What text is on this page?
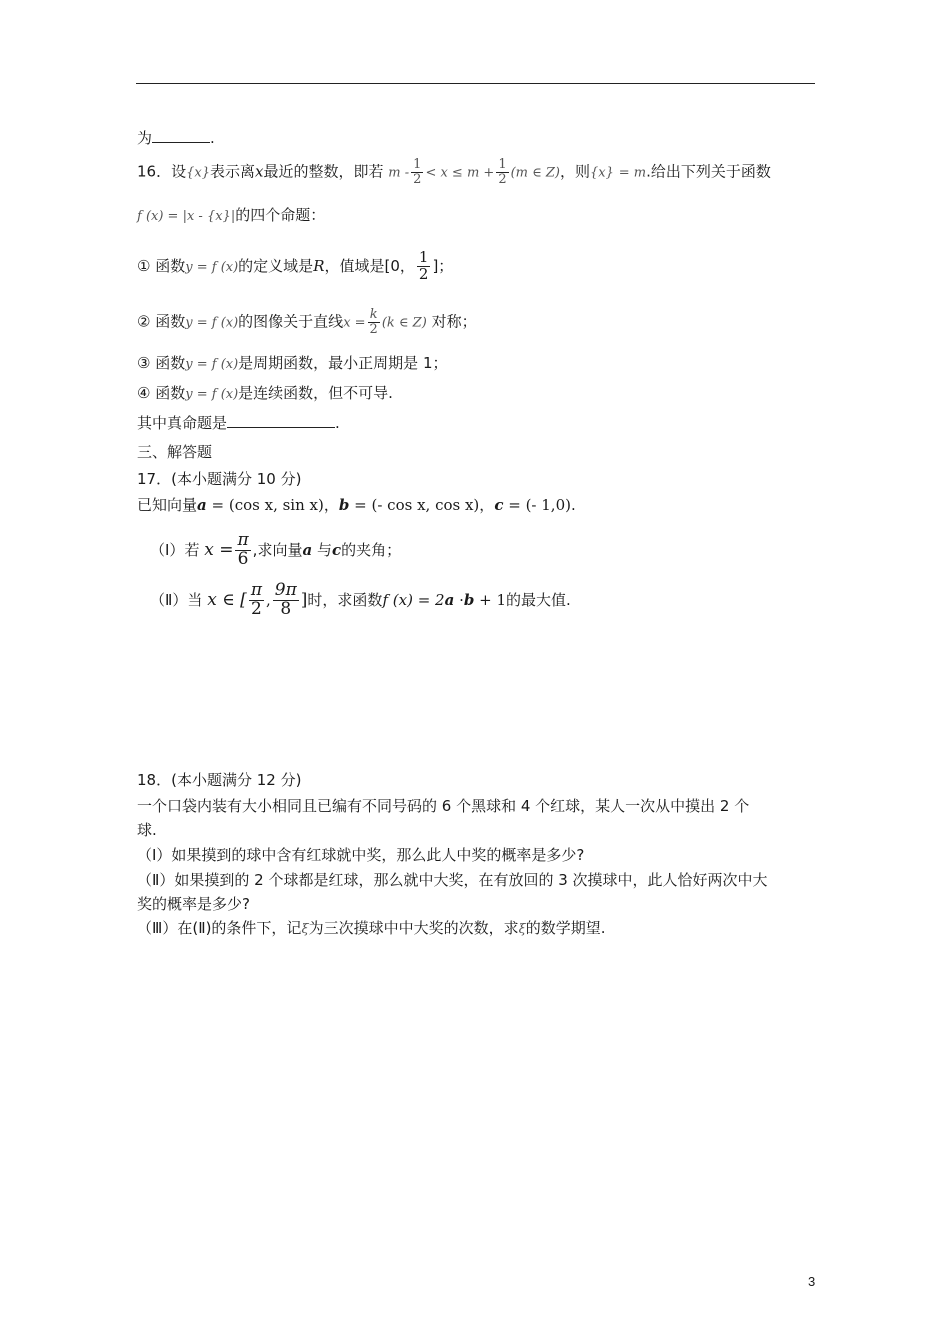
为	.
16．设{x}表示离x最近的整数，即若 $m - \frac{1}{2} < x \le m + \frac{1}{2} (m$ ∈ Z)，则{x} = m.给出下列关于函数
f (x) = |x - {x}|的四个命题：
① 函数y = f (x)的定义域是R，值域是[0， $\frac{1}{2}$ ]；
② 函数y = f (x)的图像关于直线$x = \frac{k}{2} (k$ ∈ Z) 对称；
③ 函数y = f (x)是周期函数，最小正周期是 1；
④ 函数y = f (x)是连续函数，但不可导.
其中真命题是	.
三、解答题
17．(本小题满分 10 分)
已知向量a = (cos x, sin x)，b = (- cos x, cos x)，c = (- 1,0).
（Ⅰ）若 $x = \frac{\pi}{6}$ ,求向量a 与c的夹角；
（Ⅱ）当 x ∈ [ $\frac{\pi}{2}$ , $\frac{9\pi}{8}$ ]时，求函数f (x) = 2a ·b + 1的最大值.
18．(本小题满分 12 分)
一个口袋内装有大小相同且已编有不同号码的 6 个黑球和 4 个红球，某人一次从中摸出 2 个
球.
（Ⅰ）如果摸到的球中含有红球就中奖，那么此人中奖的概率是多少?
（Ⅱ）如果摸到的 2 个球都是红球，那么就中大奖，在有放回的 3 次摸球中，此人恰好两次中大
奖的概率是多少?
（Ⅲ）在(Ⅱ)的条件下，记ξ为三次摸球中中大奖的次数，求ξ的数学期望.
3
